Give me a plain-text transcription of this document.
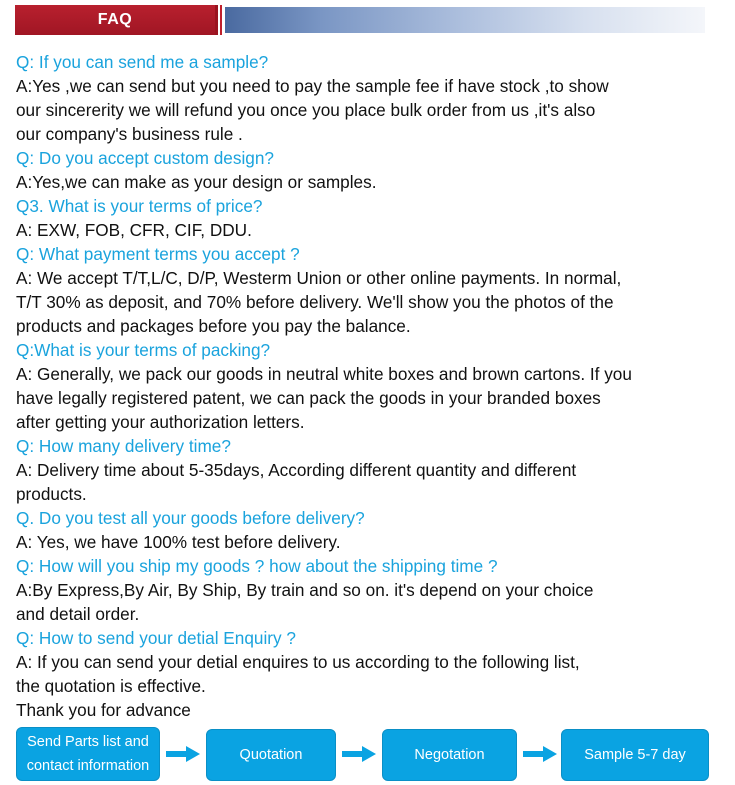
FAQ
Q: If you can send me a sample?
A:Yes ,we can send but you need to pay the sample fee if have stock ,to show
our sincererity we will refund you once you place bulk order from us ,it's also
our company's business rule .
Q: Do you accept custom design?
A:Yes,we can make as your design or samples.
Q3. What is your terms of price?
A: EXW, FOB, CFR, CIF, DDU.
Q: What payment terms you accept ?
A: We accept T/T,L/C, D/P, Westerm Union or other online payments. In normal,
T/T 30% as deposit, and 70% before delivery. We'll show you the photos of the
products and packages before you pay the balance.
Q:What is your terms of packing?
A: Generally, we pack our goods in neutral white boxes and brown cartons. If you
have legally registered patent, we can pack the goods in your branded boxes
after getting your authorization letters.
Q: How many delivery time?
A: Delivery time about 5-35days, According different quantity and different
products.
Q. Do you test all your goods before delivery?
A: Yes, we have 100% test before delivery.
Q: How will you ship my goods ? how about the shipping time ?
A:By Express,By Air, By Ship, By train and so on. it's depend on your choice
and detail order.
Q: How to send your detial Enquiry ?
A: If you can send your detial enquires to us according to the following list,
the quotation is effective.
Thank you for advance
Send Parts list and
contact information
Quotation	Negotation	Sample 5-7 day
